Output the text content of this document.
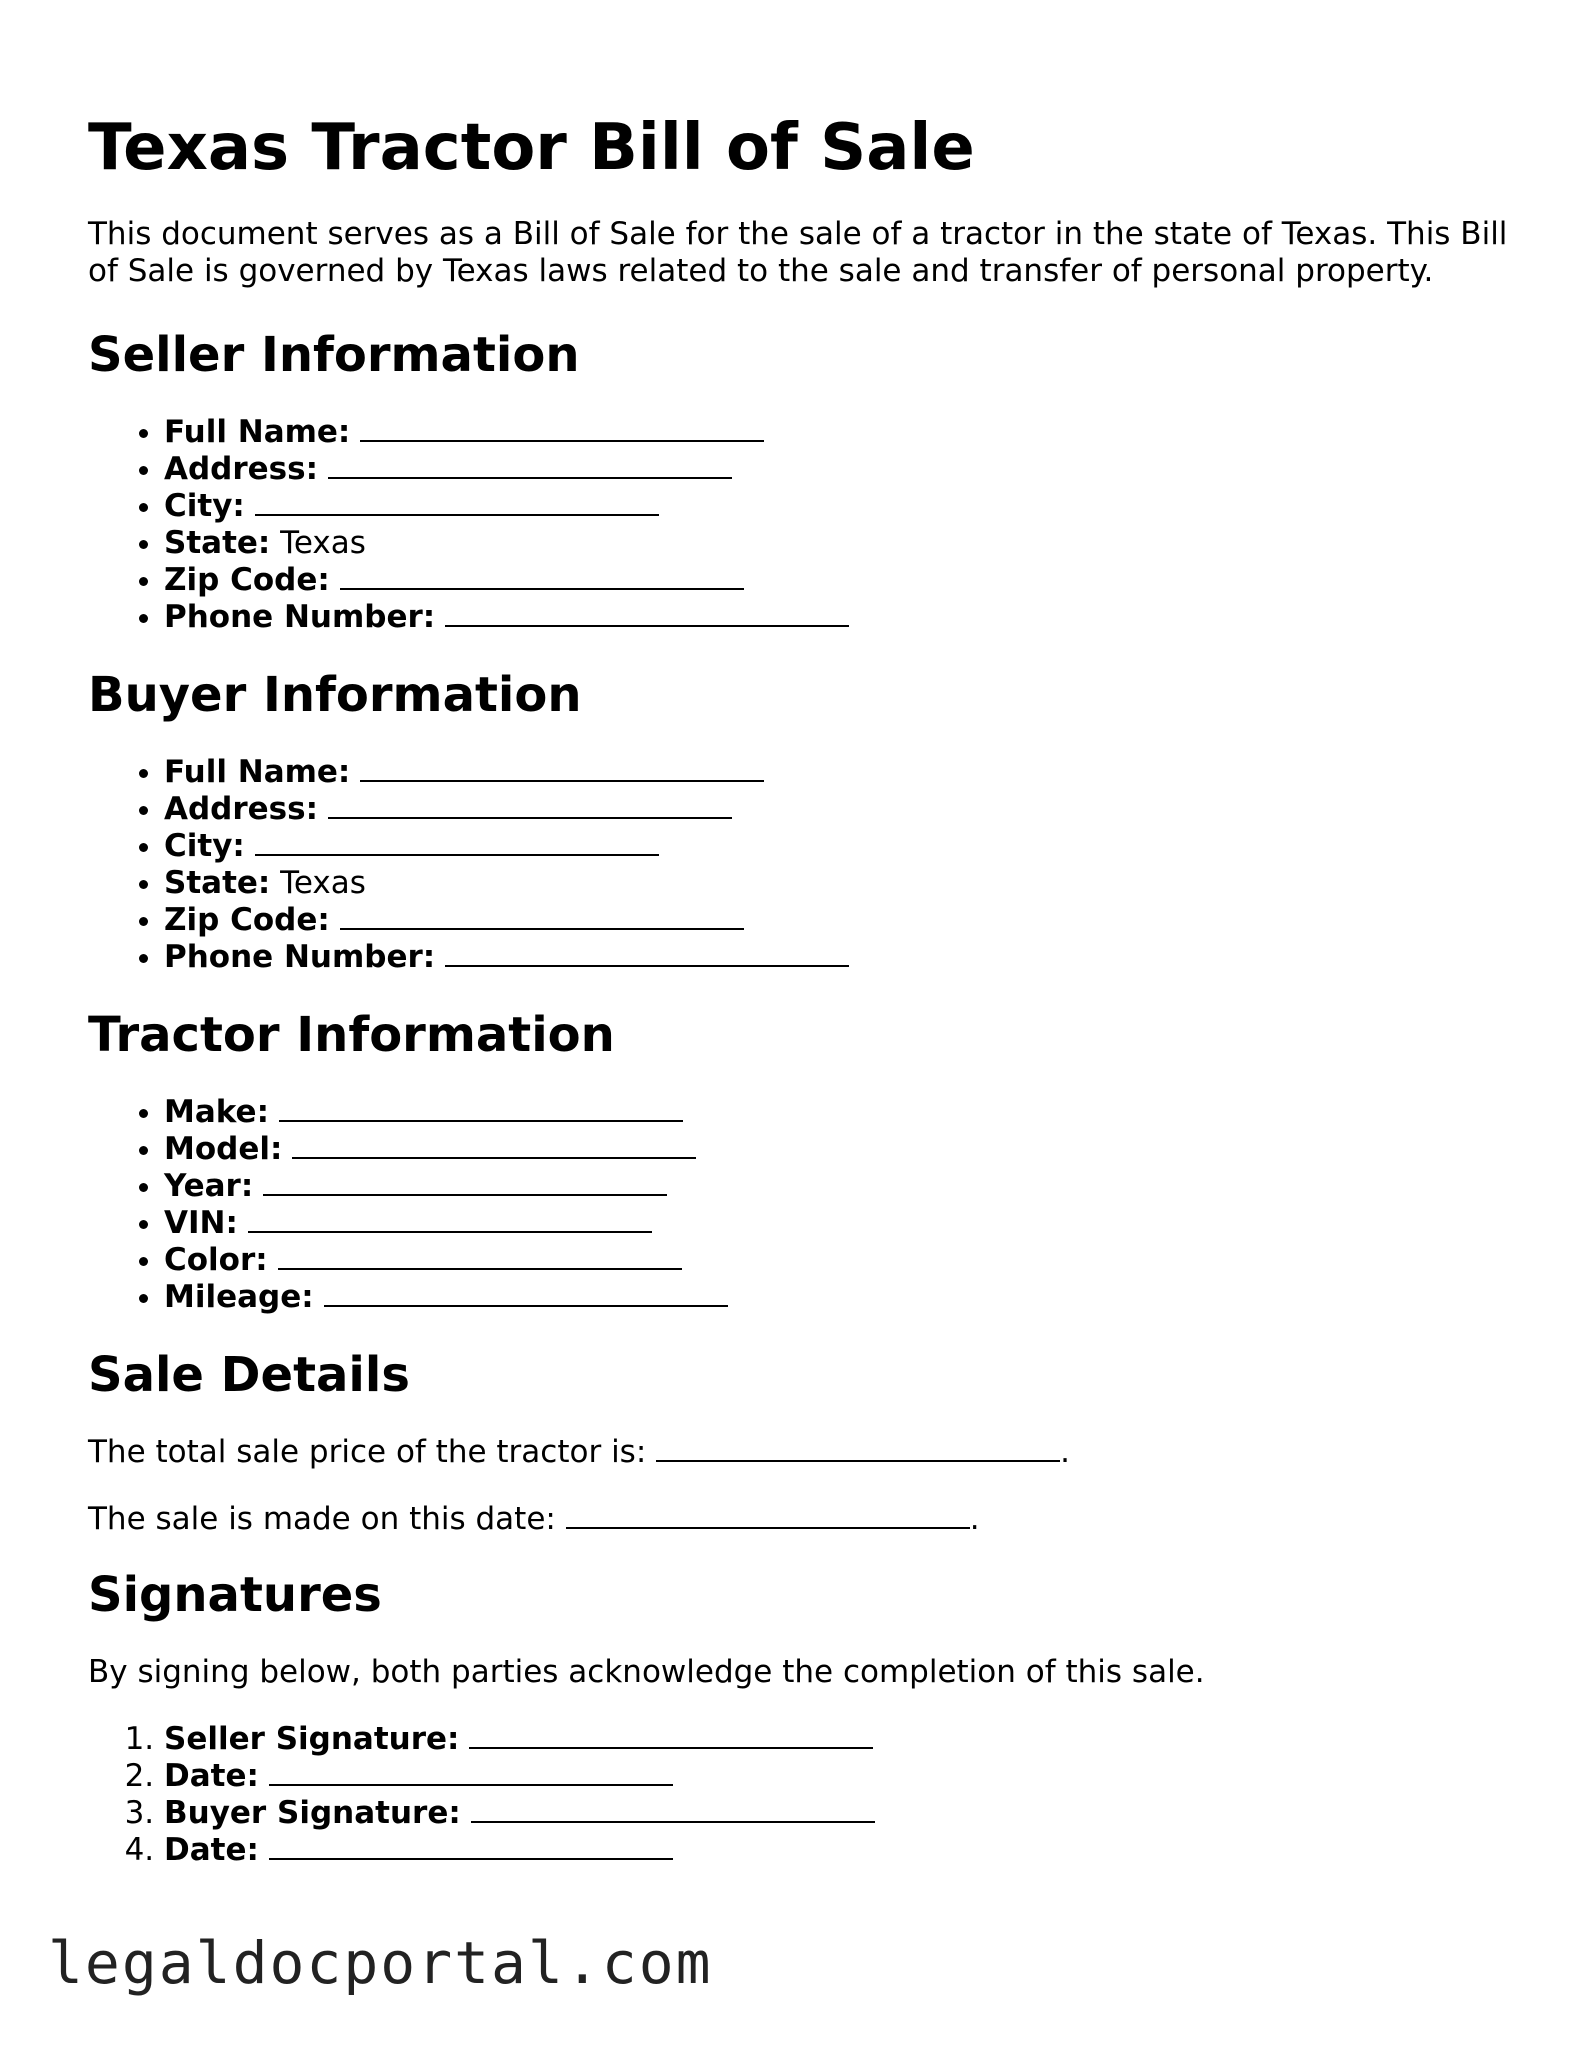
Texas Tractor Bill of Sale

This document serves as a Bill of Sale for the sale of a tractor in the state of Texas. This Bill of Sale is governed by Texas laws related to the sale and transfer of personal property.

Seller Information
• Full Name:
• Address:
• City:
• State: Texas
• Zip Code:
• Phone Number:
Buyer Information
• Full Name:
• Address:
• City:
• State: Texas
• Zip Code:
• Phone Number:
Tractor Information
• Make:
• Model:
• Year:
• VIN:
• Color:
• Mileage:
Sale Details

The total sale price of the tractor is:	.

The sale is made on this date:	.

Signatures

By signing below, both parties acknowledge the completion of this sale.

1. Seller Signature:
2. Date:
3. Buyer Signature:
4. Date:
legaldocportal.com
